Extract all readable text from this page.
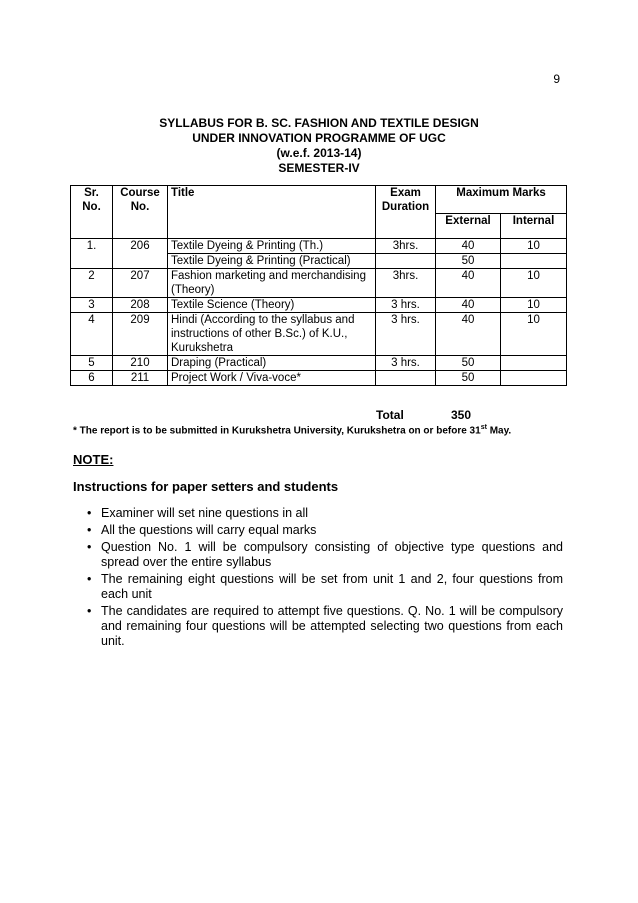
9
SYLLABUS FOR B. SC. FASHION AND TEXTILE DESIGN
UNDER INNOVATION PROGRAMME OF UGC
(w.e.f. 2013-14)
SEMESTER-IV
Sr. No.	Course No.	Title	Exam Duration	Maximum Marks	
				External	Internal
1.	206	Textile Dyeing & Printing (Th.)	3hrs.	40	10
		Textile Dyeing & Printing (Practical)		50	
2	207	Fashion marketing and merchandising (Theory)	3hrs.	40	10
3	208	Textile Science (Theory)	3 hrs.	40	10
4	209	Hindi (According to the syllabus and instructions of other B.Sc.) of K.U., Kurukshetra	3 hrs.	40	10
5	210	Draping (Practical)	3 hrs.	50	
6	211	Project Work / Viva-voce*		50	
Total	350
* The report is to be submitted in Kurukshetra University, Kurukshetra on or before 31st May.
NOTE:
Instructions for paper setters and students
• Examiner will set nine questions in all
• All the questions will carry equal marks
• Question No. 1 will be compulsory consisting of objective type questions and spread over the entire syllabus
• The remaining eight questions will be set from unit 1 and 2, four questions from each unit
• The candidates are required to attempt five questions. Q. No. 1 will be compulsory and remaining four questions will be attempted selecting two questions from each unit.
